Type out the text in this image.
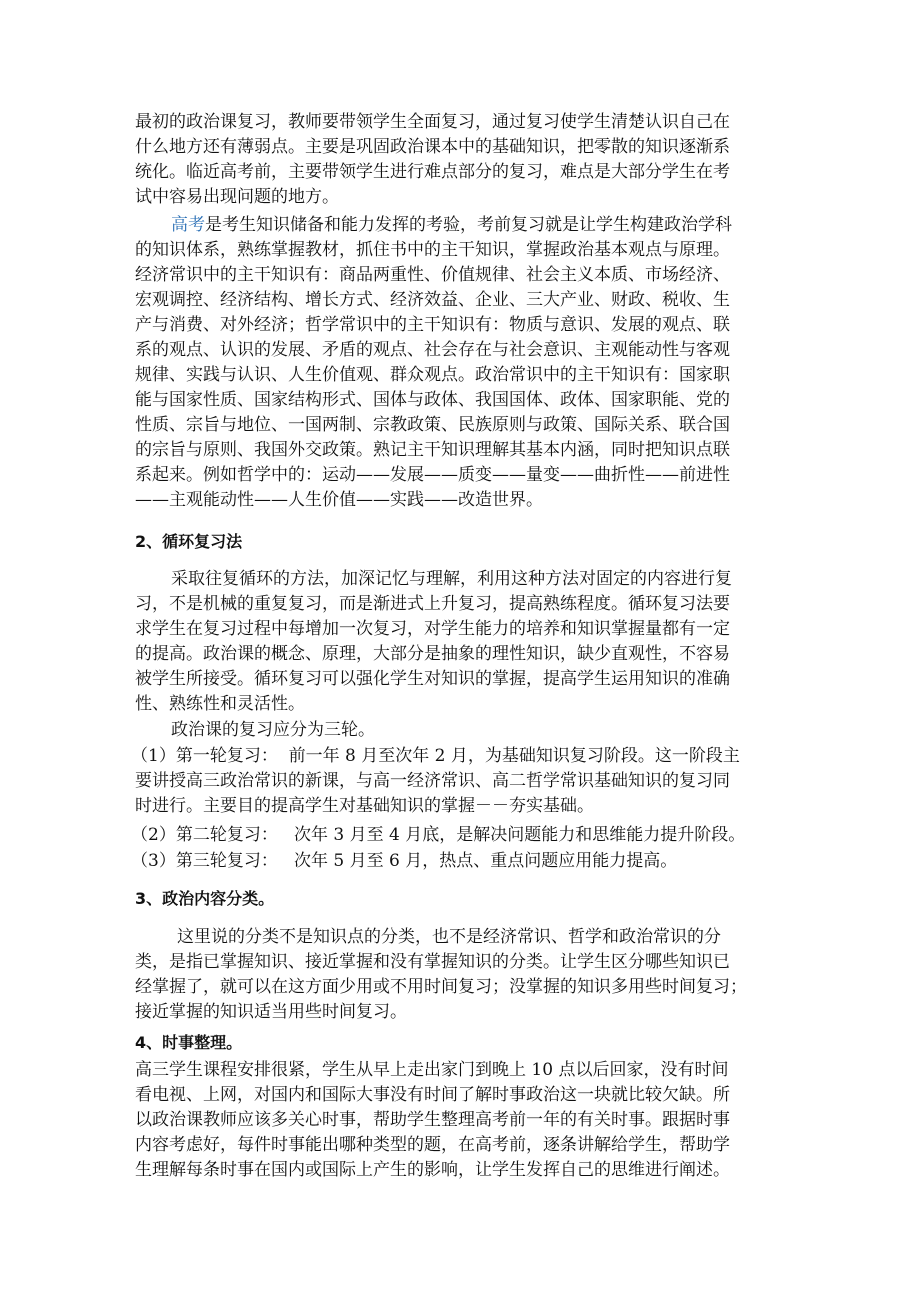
最初的政治课复习，教师要带领学生全面复习，通过复习使学生清楚认识自己在
什么地方还有薄弱点。主要是巩固政治课本中的基础知识，把零散的知识逐渐系
统化。临近高考前，主要带领学生进行难点部分的复习，难点是大部分学生在考
试中容易出现问题的地方。
高考是考生知识储备和能力发挥的考验，考前复习就是让学生构建政治学科
的知识体系，熟练掌握教材，抓住书中的主干知识，掌握政治基本观点与原理。
经济常识中的主干知识有：商品两重性、价值规律、社会主义本质、市场经济、
宏观调控、经济结构、增长方式、经济效益、企业、三大产业、财政、税收、生
产与消费、对外经济；哲学常识中的主干知识有：物质与意识、发展的观点、联
系的观点、认识的发展、矛盾的观点、社会存在与社会意识、主观能动性与客观
规律、实践与认识、人生价值观、群众观点。政治常识中的主干知识有：国家职
能与国家性质、国家结构形式、国体与政体、我国国体、政体、国家职能、党的
性质、宗旨与地位、一国两制、宗教政策、民族原则与政策、国际关系、联合国
的宗旨与原则、我国外交政策。熟记主干知识理解其基本内涵，同时把知识点联
系起来。例如哲学中的：运动——发展——质变——量变——曲折性——前进性
——主观能动性——人生价值——实践——改造世界。
2、循环复习法
采取往复循环的方法，加深记忆与理解，利用这种方法对固定的内容进行复
习，不是机械的重复复习，而是渐进式上升复习，提高熟练程度。循环复习法要
求学生在复习过程中每增加一次复习，对学生能力的培养和知识掌握量都有一定
的提高。政治课的概念、原理，大部分是抽象的理性知识，缺少直观性，不容易
被学生所接受。循环复习可以强化学生对知识的掌握，提高学生运用知识的准确
性、熟练性和灵活性。
政治课的复习应分为三轮。
（1）第一轮复习：  前一年 8 月至次年 2 月，为基础知识复习阶段。这一阶段主
要讲授高三政治常识的新课，与高一经济常识、高二哲学常识基础知识的复习同
时进行。主要目的提高学生对基础知识的掌握－－夯实基础。
（2）第二轮复习：   次年 3 月至 4 月底，是解决问题能力和思维能力提升阶段。
（3）第三轮复习：   次年 5 月至 6 月，热点、重点问题应用能力提高。
3、政治内容分类。
这里说的分类不是知识点的分类，也不是经济常识、哲学和政治常识的分
类，是指已掌握知识、接近掌握和没有掌握知识的分类。让学生区分哪些知识已
经掌握了，就可以在这方面少用或不用时间复习；没掌握的知识多用些时间复习；
接近掌握的知识适当用些时间复习。
4、时事整理。
高三学生课程安排很紧，学生从早上走出家门到晚上 10 点以后回家，没有时间
看电视、上网，对国内和国际大事没有时间了解时事政治这一块就比较欠缺。所
以政治课教师应该多关心时事，帮助学生整理高考前一年的有关时事。跟据时事
内容考虑好，每件时事能出哪种类型的题，在高考前，逐条讲解给学生，帮助学
生理解每条时事在国内或国际上产生的影响，让学生发挥自己的思维进行阐述。
